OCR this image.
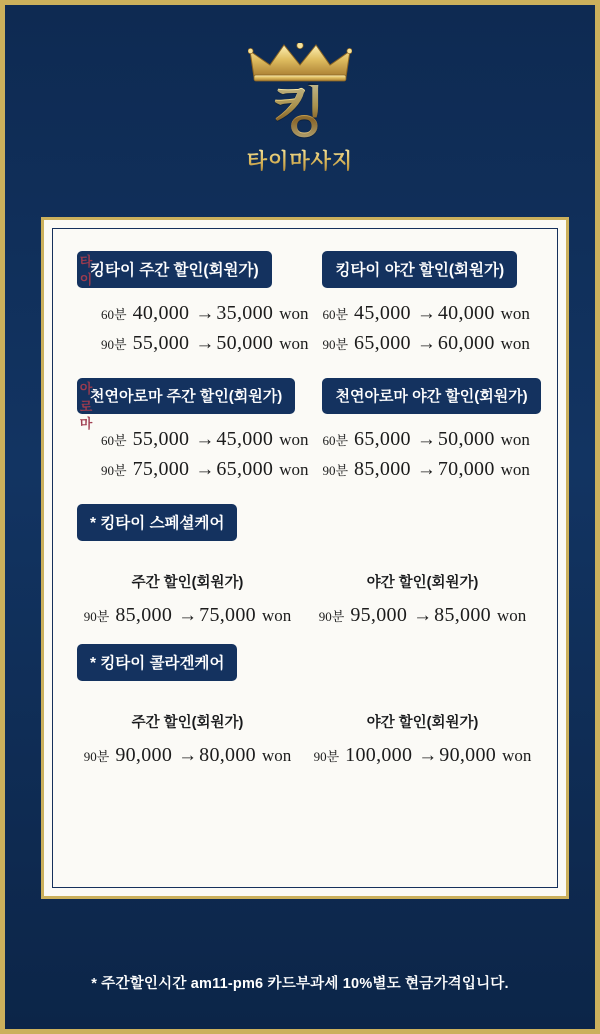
킹
타이마사지
킹타이 주간 할인(회원가)
타
이
60분 40,000 → 35,000 won
90분 55,000 → 50,000 won
킹타이 야간 할인(회원가)
60분 45,000 → 40,000 won
90분 65,000 → 60,000 won
천연아로마 주간 할인(회원가)
아
로
마
60분 55,000 → 45,000 won
90분 75,000 → 65,000 won
천연아로마 야간 할인(회원가)
60분 65,000 → 50,000 won
90분 85,000 → 70,000 won
* 킹타이 스페셜케어
주간 할인(회원가)
90분 85,000 → 75,000 won
야간 할인(회원가)
90분 95,000 → 85,000 won
* 킹타이 콜라겐케어
주간 할인(회원가)
90분 90,000 → 80,000 won
야간 할인(회원가)
90분 100,000 → 90,000 won
* 주간할인시간 am11-pm6 카드부과세 10%별도 현금가격입니다.
